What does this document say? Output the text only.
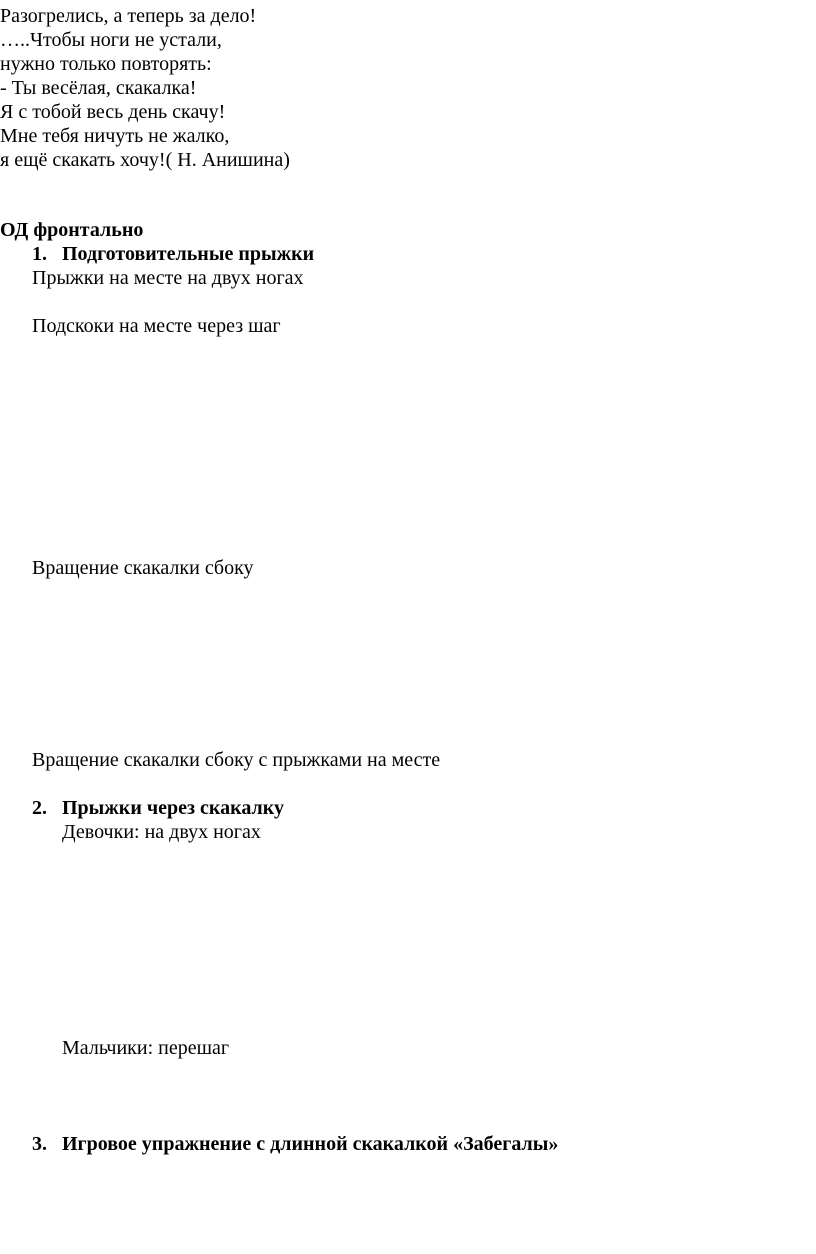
Разогрелись, а теперь за дело!
…..Чтобы ноги не устали,
нужно только повторять:
- Ты весёлая, скакалка!
Я с тобой весь день скачу!
Мне тебя ничуть не жалко,
я ещё скакать хочу!( Н. Анишина)
ОД фронтально
1. Подготовительные прыжки
Прыжки на месте на двух ногах
Подскоки на месте через шаг
Вращение скакалки сбоку
Вращение скакалки сбоку с прыжками на месте
2. Прыжки через скакалку
Девочки: на двух ногах
Мальчики: перешаг
3. Игровое упражнение с длинной скакалкой «Забегалы»
